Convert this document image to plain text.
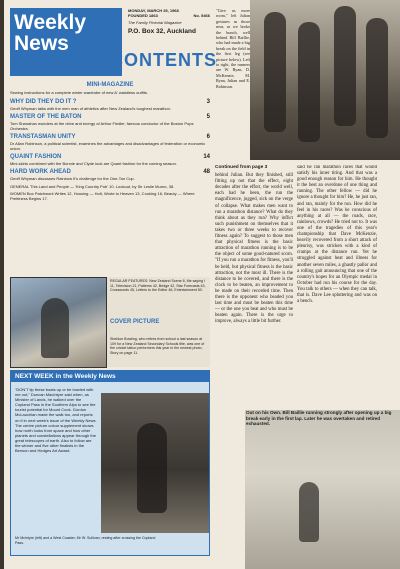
Weekly
News
MONDAY, MARCH 25, 1968
FOUNDED 1863	No. 5466
The Family Pictorial Magazine
P.O. Box 32, Auckland
CONTENTS
MINI-MAGAZINE
Sewing instructions for a complete winter wardrobe of new A' waistless outfits.
WHY DID THEY DO IT ?	3
Geoff Whyman talks with the men man of athletics after New Zealand's toughest marathon.
MASTER OF THE BATON	5
Tom Shanahan wonders at the drive and energy of Arthur Fiedler, famous conductor of the Boston Pops Orchestra.
TRANSTASMAN UNITY	6
Dr Allan Robinson, a political scientist, examines the advantages and disadvantages of federation or economic union.
QUAINT FASHION	14
Mini-skirts combined with the Bonnie and Clyde look are Quant fashion for the coming season.
HARD WORK AHEAD	48
Geoff Whyman discusses Rainbow II's challenge for the One-Ton Cup.
GENERAL This Land and People — 'King Country Pub' 10. Lookout, by Sir Leslie Munro, 38.
WOMEN Box Patchwork Writes 12, Housing — Holt, Wrote to Heaven 13, Cooking 16, Beauty — Where Prettiness Begins 17.
REGULAR FEATURES: New Zealand Scene 8, Me saying I 11, Television 21, Patterns 42, Bridge 42, Star Forecasts 43, Crosswords 45, Letters to the Editor 46, Entertainment 50.
COVER PICTURE
Sheldon Bowling, who retires from school a last season at 109 for a New Zealand Secondary Schools title, was one of the cricket tattoo performers this year in the newest photo. Story on page 11.
NEXT WEEK in the Weekly News
"DON'T tip these boats up or be bowled with me out," Duncan MacIntyre said when, as Minister of Lands, he walked over the Copland Pass in the Southern Alps to see the tourist potential for Mount Cook. Gordon McLauchlan made the walk too, and reports on it in next week's issue of the Weekly News. The centre picture colour supplement shows how north looks from space and how other planets and constellations appear through the great telescopes of earth. Also to follow are the winner and five other finalists in the Benson and Hedges Art Award.
Mr McIntyre (left) and a West Coaster, Mr W. Sullivan, resting after crossing the Copland Pass.
"Give us more room," left Julian gestures as those near, as we broke the bunch, well behind Bill Baillie, who had made a big break on the field in the first leg (see picture below). Left to right, the runners are W. Ryan, D. McKenzie, M. Ryan, Julian and E. Robinson.
Continued from page 3

behind Julian. But they finished, still fitting up not that the effect, eight decades after the effort, the world well, each had he been, the run the magnificence, jogged, sick on the verge of collapse. What makes men want to run a marathon distance? What do they think about as they run? Why inflict such punishment on themselves that it takes two or three weeks to recover fitness again? To suggest to those men that physical fitness is the basic attraction of marathon running is to be the object of some good-natured scorn. "If you run a marathon for fitness, you'll be held, but physical fitness is the basic attraction, not the most ill. There is the distance to be covered, and there is the clock to be beaten, an improvement to be made on their recorded time. Then there is the opponent who beaded you last time and must be beaten this time — or the one you beat and who must be beaten again. There is the urge to improve, always a little bit further.

said he ran marathon races that would satisfy his inner tiring. And that was a good enough reason for him. He thought it the best an overdone of one thing and running. The other fellow — did he ignore a thought for him? He, he just ran, and ran, mainly for the run. How did he feel in his races? Was he conscious of anything at all — the roads, race, rainbows, crowds? He tried not to. It was one of the tragedies of this year's championship that Dave McKenzie, heavily recovered from a short attack of pleurisy, was stricken with a kind of cramps at the distance run. Yet he struggled against heat and illness for another seven miles, a ghastly pallor and a rolling gait announcing that one of the country's hopes for an Olympic medal in October had run his course for the day. You talk to others — when they can talk, that is. Dave Lee spluttering and was on a bench.

Out on his Own. Bill Baillie running strongly after opening up a big break early in the first lap. Later he was overtaken and retired exhausted.
